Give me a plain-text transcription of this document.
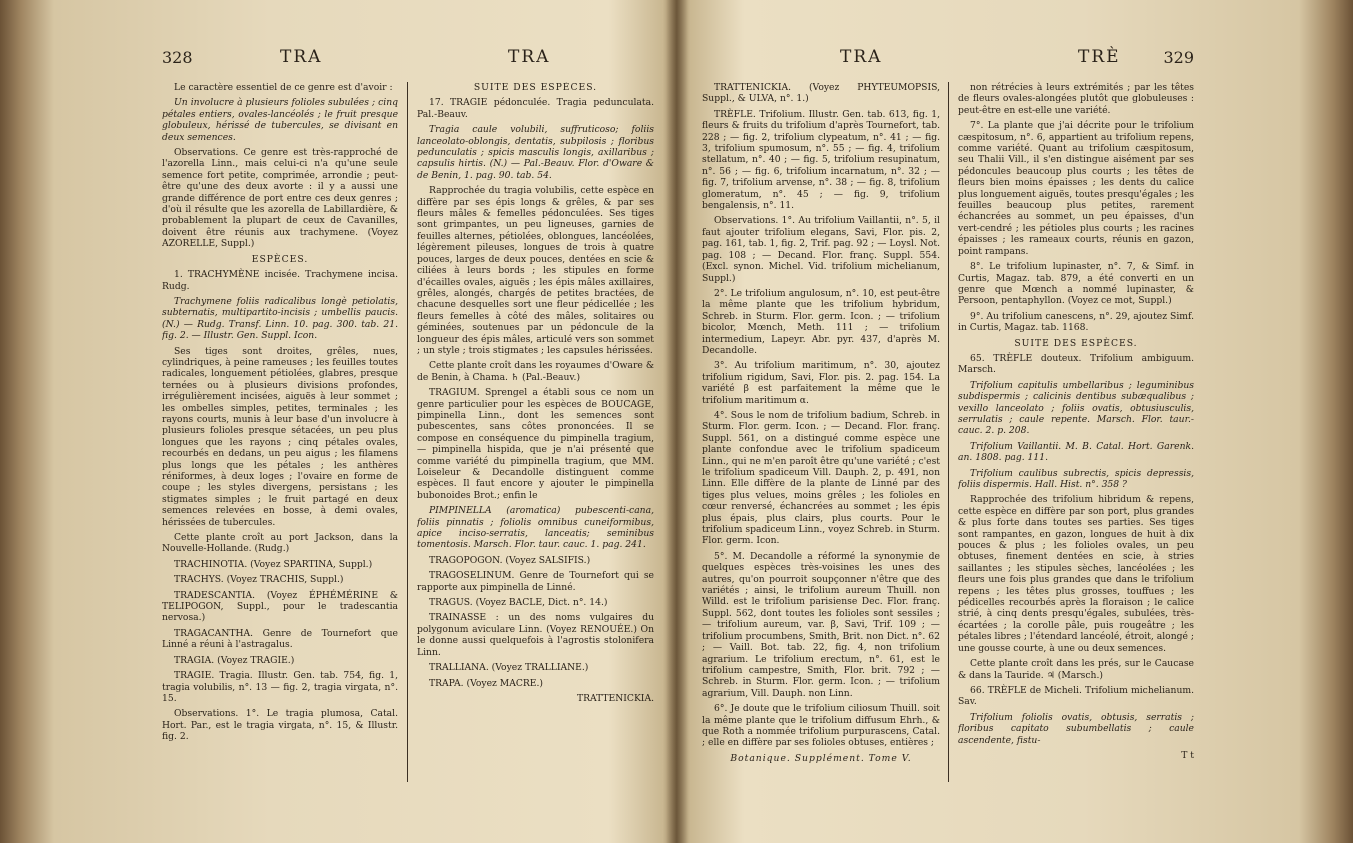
328	TRA	TRA

Le caractère essentiel de ce genre est d'avoir :

Un involucre à plusieurs folioles subulées ; cinq pétales entiers, ovales-lancéolés ; le fruit presque globuleux, hérissé de tubercules, se divisant en deux semences.

Observations. Ce genre est très-rapproché de l'azorella Linn., mais celui-ci n'a qu'une seule semence fort petite, comprimée, arrondie ; peut-être qu'une des deux avorte : il y a aussi une grande différence de port entre ces deux genres ; d'où il résulte que les azorella de Labillardière, & probablement la plupart de ceux de Cavanilles, doivent être réunis aux trachymene. (Voyez AZORELLE, Suppl.)

ESPÈCES.

1. TRACHYMÈNE incisée. Trachymene incisa. Rudg.

Trachymene foliis radicalibus longè petiolatis, subternatis, multipartito-incisis ; umbellis paucis. (N.) — Rudg. Transf. Linn. 10. pag. 300. tab. 21. fig. 2. — Illustr. Gen. Suppl. Icon.

Ses tiges sont droites, grêles, nues, cylindriques, à peine rameuses ; les feuilles toutes radicales, longuement pétiolées, glabres, presque ternées ou à plusieurs divisions profondes, irrégulièrement incisées, aiguës à leur sommet ; les ombelles simples, petites, terminales ; les rayons courts, munis à leur base d'un involucre à plusieurs folioles presque sétacées, un peu plus longues que les rayons ; cinq pétales ovales, recourbés en dedans, un peu aigus ; les filamens plus longs que les pétales ; les anthères réniformes, à deux loges ; l'ovaire en forme de coupe ; les styles divergens, persistans ; les stigmates simples ; le fruit partagé en deux semences relevées en bosse, à demi ovales, hérissées de tubercules.

Cette plante croît au port Jackson, dans la Nouvelle-Hollande. (Rudg.)

TRACHINOTIA. (Voyez SPARTINA, Suppl.)

TRACHYS. (Voyez TRACHIS, Suppl.)

TRADESCANTIA. (Voyez ÉPHÉMÉRINE & TELIPOGON, Suppl., pour le tradescantia nervosa.)

TRAGACANTHA. Genre de Tournefort que Linné a réuni à l'astragalus.

TRAGIA. (Voyez TRAGIE.)

TRAGIE. Tragia. Illustr. Gen. tab. 754, fig. 1, tragia volubilis, n°. 13 — fig. 2, tragia virgata, n°. 15.

Observations. 1°. Le tragia plumosa, Catal. Hort. Par., est le tragia virgata, n°. 15, & Illustr. fig. 2.

SUITE DES ESPÈCES.

17. TRAGIE pédonculée. Tragia pedunculata. Pal.-Beauv.

Tragia caule volubili, suffruticoso; foliis lanceolato-oblongis, dentatis, subpilosis ; floribus pedunculatis ; spicis masculis longis, axillaribus ; capsulis hirtis. (N.) — Pal.-Beauv. Flor. d'Oware & de Benin, 1. pag. 90. tab. 54.

Rapprochée du tragia volubilis, cette espèce en diffère par ses épis longs & grêles, & par ses fleurs mâles & femelles pédonculées. Ses tiges sont grimpantes, un peu ligneuses, garnies de feuilles alternes, pétiolées, oblongues, lancéolées, légèrement pileuses, longues de trois à quatre pouces, larges de deux pouces, dentées en scie & ciliées à leurs bords ; les stipules en forme d'écailles ovales, aiguës ; les épis mâles axillaires, grêles, alongés, chargés de petites bractées, de chacune desquelles sort une fleur pédicellée ; les fleurs femelles à côté des mâles, solitaires ou géminées, soutenues par un pédoncule de la longueur des épis mâles, articulé vers son sommet ; un style ; trois stigmates ; les capsules hérissées.

Cette plante croît dans les royaumes d'Oware & de Benin, à Chama. ♄ (Pal.-Beauv.)

TRAGIUM. Sprengel a établi sous ce nom un genre particulier pour les espèces de BOUCAGE, pimpinella Linn., dont les semences sont pubescentes, sans côtes prononcées. Il se compose en conséquence du pimpinella tragium, — pimpinella hispida, que je n'ai présenté que comme variété du pimpinella tragium, que MM. Loiseleur & Decandolle distinguent comme espèces. Il faut encore y ajouter le pimpinella bubonoides Brot.; enfin le

PIMPINELLA (aromatica) pubescenti-cana, foliis pinnatis ; foliolis omnibus cuneiformibus, apice inciso-serratis, lanceatis; seminibus tomentosis. Marsch. Flor. taur. cauc. 1. pag. 241.

TRAGOPOGON. (Voyez SALSIFIS.)

TRAGOSELINUM. Genre de Tournefort qui se rapporte aux pimpinella de Linné.

TRAGUS. (Voyez BACLE, Dict. n°. 14.)

TRAINASSE : un des noms vulgaires du polygonum aviculare Linn. (Voyez RENOUÉE.) On le donne aussi quelquefois à l'agrostis stolonifera Linn.

TRALLIANA. (Voyez TRALLIANE.)

TRAPA. (Voyez MACRE.)

TRATTENICKIA.

TRA	TRÈ	329

TRATTENICKIA. (Voyez PHYTEUMOPSIS, Suppl., & ULVA, n°. 1.)

TRÈFLE. Trifolium. Illustr. Gen. tab. 613, fig. 1, fleurs & fruits du trifolium d'après Tournefort, tab. 228 ; — fig. 2, trifolium clypeatum, n°. 41 ; — fig. 3, trifolium spumosum, n°. 55 ; — fig. 4, trifolium stellatum, n°. 40 ; — fig. 5, trifolium resupinatum, n°. 56 ; — fig. 6, trifolium incarnatum, n°. 32 ; — fig. 7, trifolium arvense, n°. 38 ; — fig. 8, trifolium glomeratum, n°. 45 ; — fig. 9, trifolium bengalensis, n°. 11.

Observations. 1°. Au trifolium Vaillantii, n°. 5, il faut ajouter trifolium elegans, Savi, Flor. pis. 2, pag. 161, tab. 1, fig. 2, Trif. pag. 92 ; — Loysl. Not. pag. 108 ; — Decand. Flor. franç. Suppl. 554. (Excl. synon. Michel. Vid. trifolium michelianum, Suppl.)

2°. Le trifolium angulosum, n°. 10, est peut-être la même plante que les trifolium hybridum, Schreb. in Sturm. Flor. germ. Icon. ; — trifolium bicolor, Mœnch, Meth. 111 ; — trifolium intermedium, Lapeyr. Abr. pyr. 437, d'après M. Decandolle.

3°. Au trifolium maritimum, n°. 30, ajoutez trifolium rigidum, Savi, Flor. pis. 2. pag. 154. La variété β est parfaitement la même que le trifolium maritimum α.

4°. Sous le nom de trifolium badium, Schreb. in Sturm. Flor. germ. Icon. ; — Decand. Flor. franç. Suppl. 561, on a distingué comme espèce une plante confondue avec le trifolium spadiceum Linn., qui ne m'en paroît être qu'une variété ; c'est le trifolium spadiceum Vill. Dauph. 2, p. 491, non Linn. Elle diffère de la plante de Linné par des tiges plus velues, moins grêles ; les folioles en cœur renversé, échancrées au sommet ; les épis plus épais, plus clairs, plus courts. Pour le trifolium spadiceum Linn., voyez Schreb. in Sturm. Flor. germ. Icon.

5°. M. Decandolle a réformé la synonymie de quelques espèces très-voisines les unes des autres, qu'on pourroit soupçonner n'être que des variétés ; ainsi, le trifolium aureum Thuill. non Willd. est le trifolium parisiense Dec. Flor. franç. Suppl. 562, dont toutes les folioles sont sessiles ; — trifolium aureum, var. β, Savi, Trif. 109 ; — trifolium procumbens, Smith, Brit. non Dict. n°. 62 ; — Vaill. Bot. tab. 22, fig. 4, non trifolium agrarium. Le trifolium erectum, n°. 61, est le trifolium campestre, Smith, Flor. brit. 792 ; — Schreb. in Sturm. Flor. germ. Icon. ; — trifolium agrarium, Vill. Dauph. non Linn.

6°. Je doute que le trifolium ciliosum Thuill. soit la même plante que le trifolium diffusum Ehrh., & que Roth a nommée trifolium purpurascens, Catal. ; elle en diffère par ses folioles obtuses, entières ;

Botanique. Supplément. Tome V.

non rétrécies à leurs extrémités ; par les têtes de fleurs ovales-alongées plutôt que globuleuses : peut-être en est-elle une variété.

7°. La plante que j'ai décrite pour le trifolium cæspitosum, n°. 6, appartient au trifolium repens, comme variété. Quant au trifolium cæspitosum, seu Thalii Vill., il s'en distingue aisément par ses pédoncules beaucoup plus courts ; les têtes de fleurs bien moins épaisses ; les dents du calice plus longuement aiguës, toutes presqu'égales ; les feuilles beaucoup plus petites, rarement échancrées au sommet, un peu épaisses, d'un vert-cendré ; les pétioles plus courts ; les racines épaisses ; les rameaux courts, réunis en gazon, point rampans.

8°. Le trifolium lupinaster, n°. 7, & Simf. in Curtis, Magaz. tab. 879, a été converti en un genre que Mœnch a nommé lupinaster, & Persoon, pentaphyllon. (Voyez ce mot, Suppl.)

9°. Au trifolium canescens, n°. 29, ajoutez Simf. in Curtis, Magaz. tab. 1168.

SUITE DES ESPÈCES.

65. TRÈFLE douteux. Trifolium ambiguum. Marsch.

Trifolium capitulis umbellaribus ; leguminibus subdispermis ; calicinis dentibus subæqualibus ; vexillo lanceolato ; foliis ovatis, obtusiusculis, serrulatis ; caule repente. Marsch. Flor. taur.-cauc. 2. p. 208.

Trifolium Vaillantii. M. B. Catal. Hort. Garenk. an. 1808. pag. 111.

Trifolium caulibus subrectis, spicis depressis, foliis dispermis. Hall. Hist. n°. 358 ?

Rapprochée des trifolium hibridum & repens, cette espèce en diffère par son port, plus grandes & plus forte dans toutes ses parties. Ses tiges sont rampantes, en gazon, longues de huit à dix pouces & plus ; les folioles ovales, un peu obtuses, finement dentées en scie, à stries saillantes ; les stipules sèches, lancéolées ; les fleurs une fois plus grandes que dans le trifolium repens ; les têtes plus grosses, touffues ; les pédicelles recourbés après la floraison ; le calice strié, à cinq dents presqu'égales, subulées, très-écartées ; la corolle pâle, puis rougeâtre ; les pétales libres ; l'étendard lancéolé, étroit, alongé ; une gousse courte, à une ou deux semences.

Cette plante croît dans les prés, sur le Caucase & dans la Tauride. ♃ (Marsch.)

66. TRÈFLE de Micheli. Trifolium michelianum. Sav.

Trifolium foliolis ovatis, obtusis, serratis ; floribus capitato subumbellatis ; caule ascendente, fistu-

T t
